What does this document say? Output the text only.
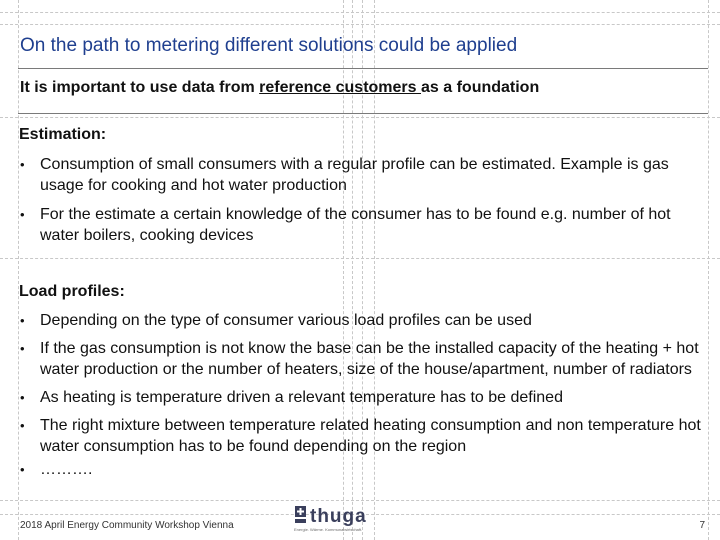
On the path to metering different solutions could be applied
It is important to use data from reference customers as a foundation
Estimation:
• Consumption of small consumers with a regular profile can be estimated. Example is gas usage for cooking and hot water production
• For the estimate a certain knowledge of the consumer has to be found e.g. number of hot water boilers, cooking devices
Load profiles:
• Depending on the type of consumer various load profiles can be used
• If the gas consumption is not know the base can be the installed capacity of the heating + hot water production or the number of heaters, size of the house/apartment, number of radiators
• As heating is temperature driven a relevant temperature has to be defined
• The right mixture between temperature related heating consumption and non temperature hot water consumption has to be found depending on the region
• ……….
2018 April Energy Community Workshop Vienna	thuga
Energie. Wärme. Kommunalwirtschaft.	7
